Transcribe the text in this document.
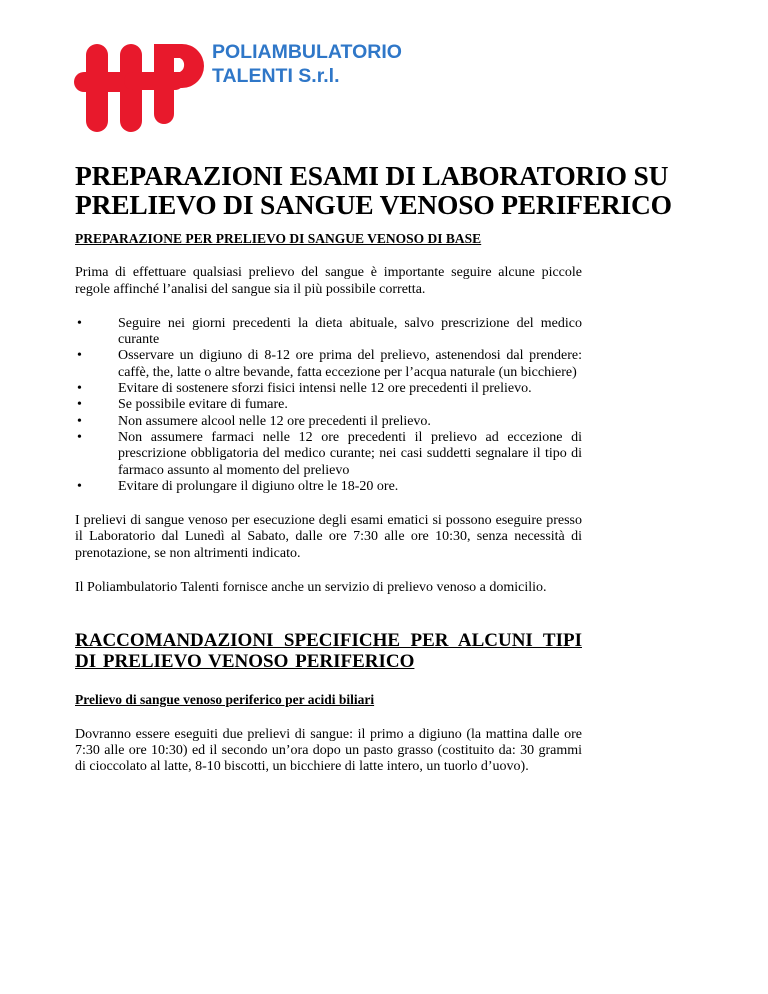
POLIAMBULATORIO
TALENTI S.r.l.
PREPARAZIONI ESAMI DI LABORATORIO SU
PRELIEVO DI SANGUE VENOSO PERIFERICO
PREPARAZIONE PER PRELIEVO DI SANGUE VENOSO DI BASE

Prima di effettuare qualsiasi prelievo del sangue è importante seguire alcune piccole regole affinché l’analisi del sangue sia il più possibile corretta.

•	Seguire nei giorni precedenti la dieta abituale, salvo prescrizione del medico curante
•	Osservare un digiuno di 8-12 ore prima del prelievo, astenendosi dal prendere: caffè, the, latte o altre bevande, fatta eccezione per l’acqua naturale (un bicchiere)
•	Evitare di sostenere sforzi fisici intensi nelle 12 ore precedenti il prelievo.
•	Se possibile evitare di fumare.
•	Non assumere alcool nelle 12 ore precedenti il prelievo.
•	Non assumere farmaci nelle 12 ore precedenti il prelievo ad eccezione di prescrizione obbligatoria del medico curante; nei casi suddetti segnalare il tipo di farmaco assunto al momento del prelievo
•	Evitare di prolungare il digiuno oltre le 18-20 ore.

I prelievi di sangue venoso per esecuzione degli esami ematici si possono eseguire presso il Laboratorio dal Lunedì al Sabato, dalle ore 7:30 alle ore 10:30, senza necessità di prenotazione, se non altrimenti indicato.

Il Poliambulatorio Talenti fornisce anche un servizio di prelievo venoso a domicilio.

RACCOMANDAZIONI SPECIFICHE PER ALCUNI TIPI DI PRELIEVO VENOSO PERIFERICO
Prelievo di sangue venoso periferico per acidi biliari

Dovranno essere eseguiti due prelievi di sangue: il primo a digiuno (la mattina dalle ore 7:30 alle ore 10:30) ed il secondo un’ora dopo un pasto grasso (costituito da: 30 grammi di cioccolato al latte, 8-10 biscotti, un bicchiere di latte intero, un tuorlo d’uovo).
